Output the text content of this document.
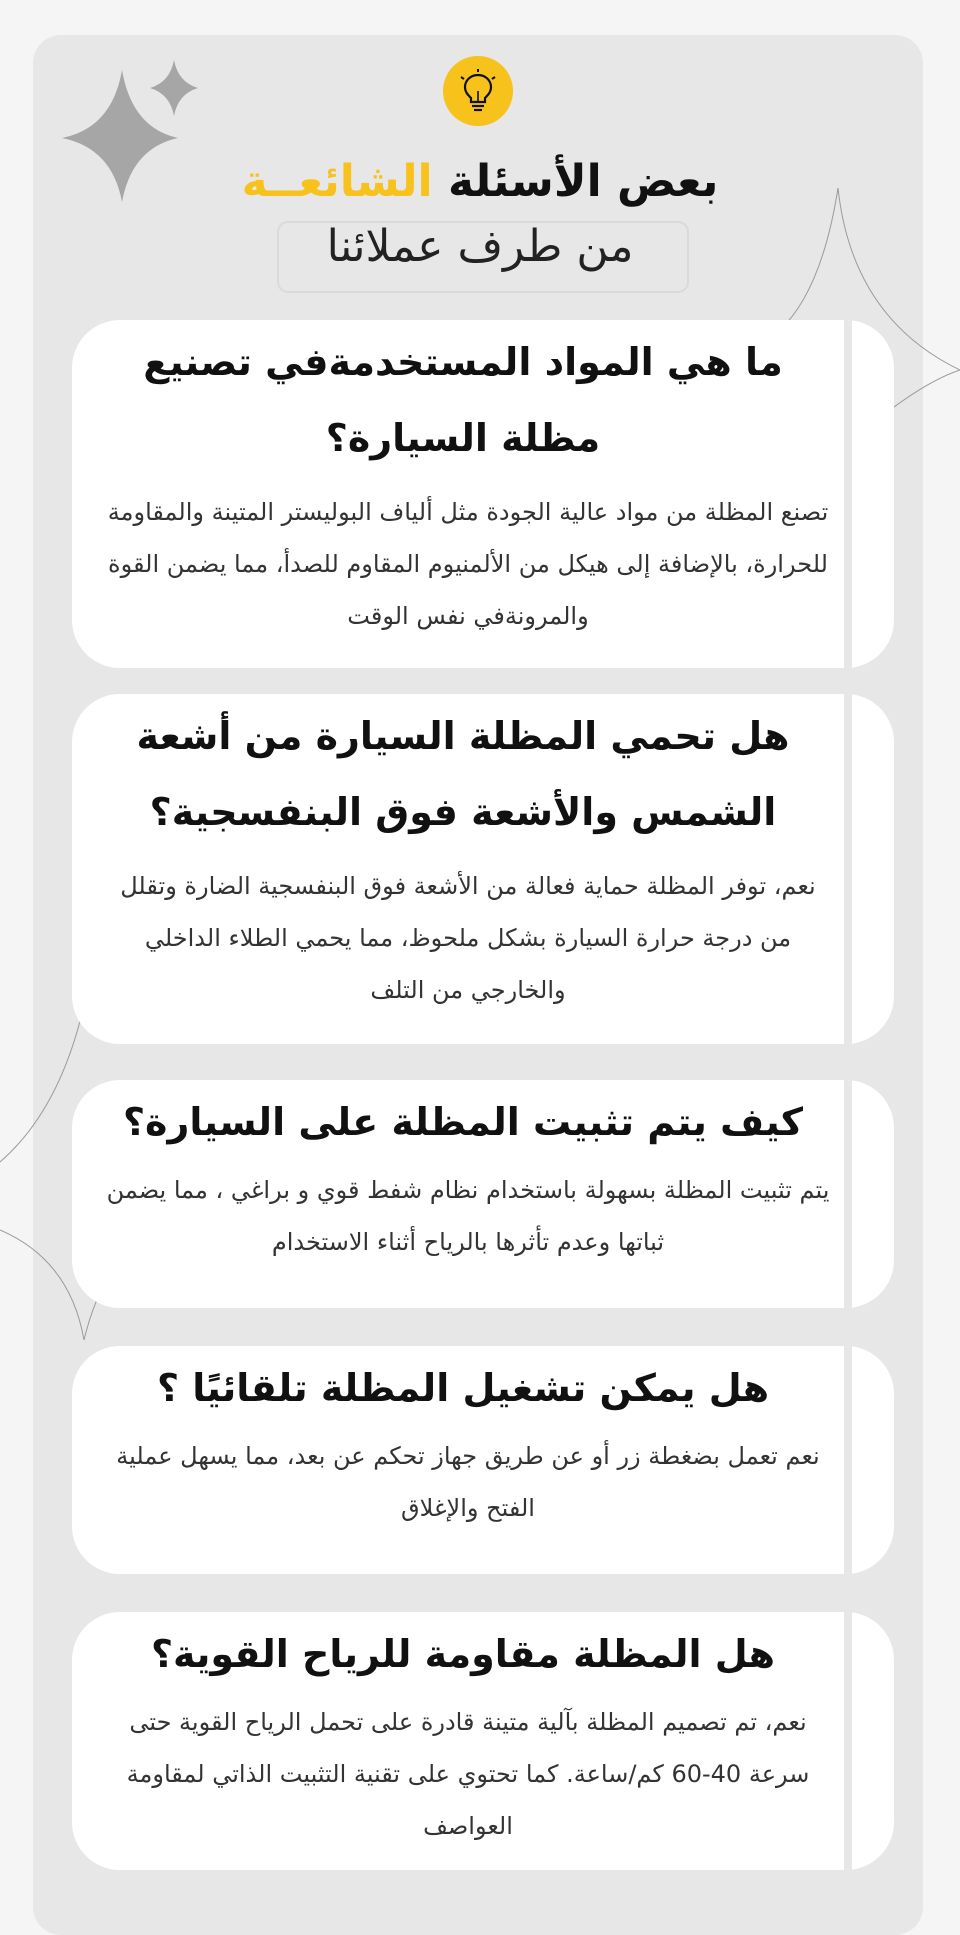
بعض الأسئلة الشائعــة
من طرف عملائنا
ما هي المواد المستخدمةفي تصنيع مظلة السيارة؟
تصنع المظلة من مواد عالية الجودة مثل ألياف البوليستر المتينة والمقاومة للحرارة، بالإضافة إلى هيكل من الألمنيوم المقاوم للصدأ، مما يضمن القوة والمرونةفي نفس الوقت
هل تحمي المظلة السيارة من أشعة الشمس والأشعة فوق البنفسجية؟
نعم، توفر المظلة حماية فعالة من الأشعة فوق البنفسجية الضارة وتقلل من درجة حرارة السيارة بشكل ملحوظ، مما يحمي الطلاء الداخلي والخارجي من التلف
كيف يتم تثبيت المظلة على السيارة؟
يتم تثبيت المظلة بسهولة باستخدام نظام شفط قوي و براغي ، مما يضمن ثباتها وعدم تأثرها بالرياح أثناء الاستخدام
هل يمكن تشغيل المظلة تلقائيًا ؟
نعم تعمل بضغطة زر أو عن طريق جهاز تحكم عن بعد، مما يسهل عملية الفتح والإغلاق
هل المظلة مقاومة للرياح القوية؟
نعم، تم تصميم المظلة بآلية متينة قادرة على تحمل الرياح القوية حتى سرعة 40-60 كم/ساعة. كما تحتوي على تقنية التثبيت الذاتي لمقاومة العواصف
